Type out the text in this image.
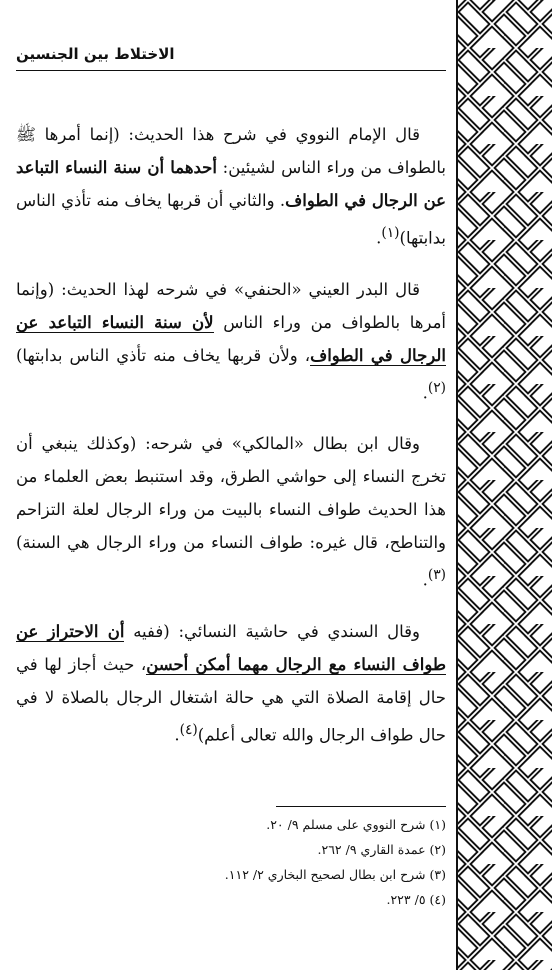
الاختلاط بين الجنسين

قال الإمام النووي في شرح هذا الحديث: (إنما أمرها ﷺ بالطواف من وراء الناس لشيئين: أحدهما أن سنة النساء التباعد عن الرجال في الطواف. والثاني أن قربها يخاف منه تأذي الناس بدابتها)$^{(١)}$.

قال البدر العيني «الحنفي» في شرحه لهذا الحديث: (وإنما أمرها بالطواف من وراء الناس لأن سنة النساء التباعد عن الرجال في الطواف، ولأن قربها يخاف منه تأذي الناس بدابتها)$^{(٢)}$.

وقال ابن بطال «المالكي» في شرحه: (وكذلك ينبغي أن تخرج النساء إلى حواشي الطرق، وقد استنبط بعض العلماء من هذا الحديث طواف النساء بالبيت من وراء الرجال لعلة التزاحم والتناطح، قال غيره: طواف النساء من وراء الرجال هي السنة)$^{(٣)}$.

وقال السندي في حاشية النسائي: (ففيه أن الاحتراز عن طواف النساء مع الرجال مهما أمكن أحسن، حيث أجاز لها في حال إقامة الصلاة التي هي حالة اشتغال الرجال بالصلاة لا في حال طواف الرجال والله تعالى أعلم)$^{(٤)}$.

(١) شرح النووي على مسلم ٩/ ٢٠.
(٢) عمدة القاري ٩/ ٢٦٢.
(٣) شرح ابن بطال لصحيح البخاري ٢/ ١١٢.
(٤) ٥/ ٢٢٣.
